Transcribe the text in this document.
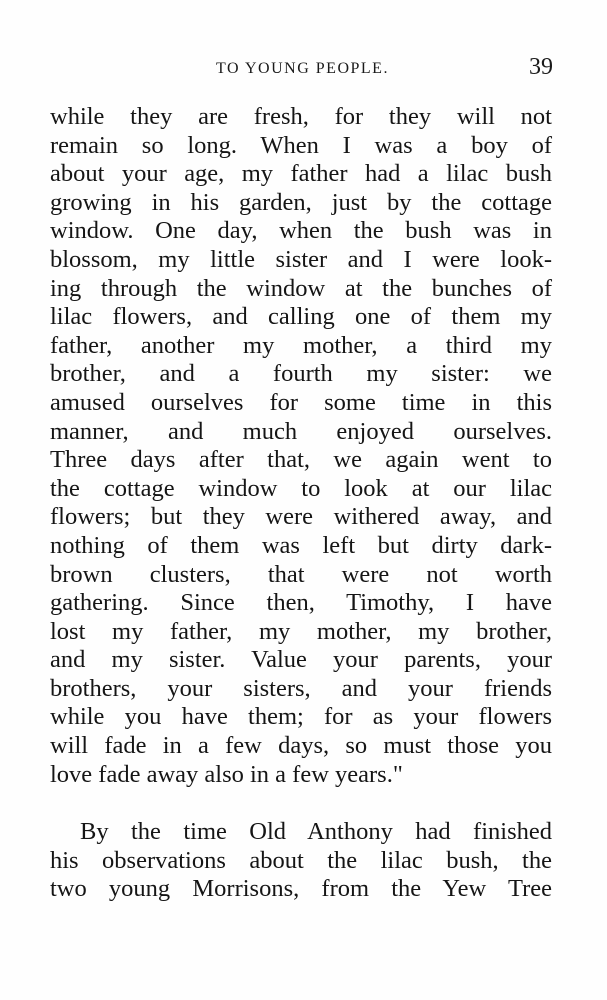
TO YOUNG PEOPLE.	39
while they are fresh, for they will not
remain so long. When I was a boy of
about your age, my father had a lilac bush
growing in his garden, just by the cottage
window. One day, when the bush was in
blossom, my little sister and I were look-
ing through the window at the bunches of
lilac flowers, and calling one of them my
father, another my mother, a third my
brother, and a fourth my sister: we
amused ourselves for some time in this
manner, and much enjoyed ourselves.
Three days after that, we again went to
the cottage window to look at our lilac
flowers; but they were withered away, and
nothing of them was left but dirty dark-
brown clusters, that were not worth
gathering. Since then, Timothy, I have
lost my father, my mother, my brother,
and my sister. Value your parents, your
brothers, your sisters, and your friends
while you have them; for as your flowers
will fade in a few days, so must those you
love fade away also in a few years."
By the time Old Anthony had finished
his observations about the lilac bush, the
two young Morrisons, from the Yew Tree
